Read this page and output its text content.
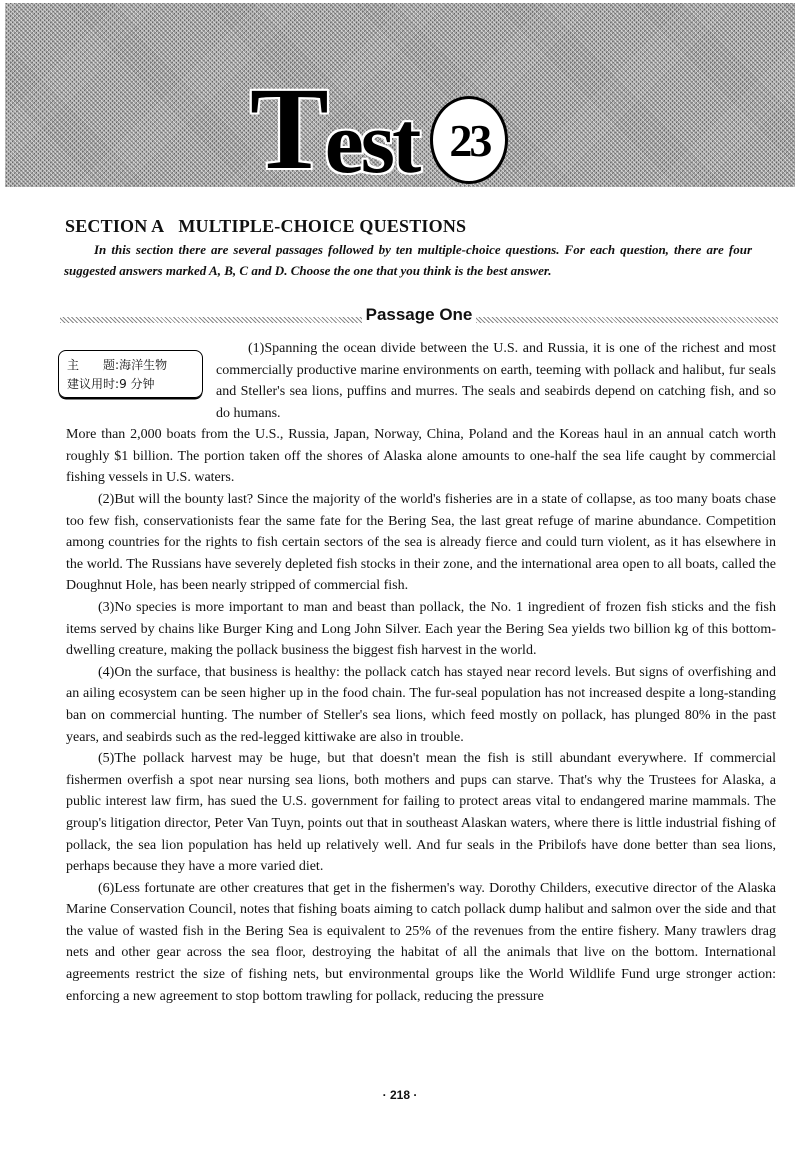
T
est 23
SECTION A MULTIPLE-CHOICE QUESTIONS
In this section there are several passages followed by ten multiple-choice questions. For each question, there are four suggested answers marked A, B, C and D. Choose the one that you think is the best answer.
Passage One
主　　题:海洋生物
建议用时:9 分钟
(1)Spanning the ocean divide between the U.S. and Russia, it is one of the richest and most commercially productive marine environments on earth, teeming with pollack and halibut, fur seals and Steller's sea lions, puffins and murres. The seals and seabirds depend on catching fish, and so do humans.
More than 2,000 boats from the U.S., Russia, Japan, Norway, China, Poland and the Koreas haul in an annual catch worth roughly $1 billion. The portion taken off the shores of Alaska alone amounts to one-half the sea life caught by commercial fishing vessels in U.S. waters.

(2)But will the bounty last? Since the majority of the world's fisheries are in a state of collapse, as too many boats chase too few fish, conservationists fear the same fate for the Bering Sea, the last great refuge of marine abundance. Competition among countries for the rights to fish certain sectors of the sea is already fierce and could turn violent, as it has elsewhere in the world. The Russians have severely depleted fish stocks in their zone, and the international area open to all boats, called the Doughnut Hole, has been nearly stripped of commercial fish.

(3)No species is more important to man and beast than pollack, the No. 1 ingredient of frozen fish sticks and the fish items served by chains like Burger King and Long John Silver. Each year the Bering Sea yields two billion kg of this bottom-dwelling creature, making the pollack business the biggest fish harvest in the world.

(4)On the surface, that business is healthy: the pollack catch has stayed near record levels. But signs of overfishing and an ailing ecosystem can be seen higher up in the food chain. The fur-seal population has not increased despite a long-standing ban on commercial hunting. The number of Steller's sea lions, which feed mostly on pollack, has plunged 80% in the past years, and seabirds such as the red-legged kittiwake are also in trouble.

(5)The pollack harvest may be huge, but that doesn't mean the fish is still abundant everywhere. If commercial fishermen overfish a spot near nursing sea lions, both mothers and pups can starve. That's why the Trustees for Alaska, a public interest law firm, has sued the U.S. government for failing to protect areas vital to endangered marine mammals. The group's litigation director, Peter Van Tuyn, points out that in southeast Alaskan waters, where there is little industrial fishing of pollack, the sea lion population has held up relatively well. And fur seals in the Pribilofs have done better than sea lions, perhaps because they have a more varied diet.

(6)Less fortunate are other creatures that get in the fishermen's way. Dorothy Childers, executive director of the Alaska Marine Conservation Council, notes that fishing boats aiming to catch pollack dump halibut and salmon over the side and that the value of wasted fish in the Bering Sea is equivalent to 25% of the revenues from the entire fishery. Many trawlers drag nets and other gear across the sea floor, destroying the habitat of all the animals that live on the bottom. International agreements restrict the size of fishing nets, but environmental groups like the World Wildlife Fund urge stronger action: enforcing a new agreement to stop bottom trawling for pollack, reducing the pressure

· 218 ·
